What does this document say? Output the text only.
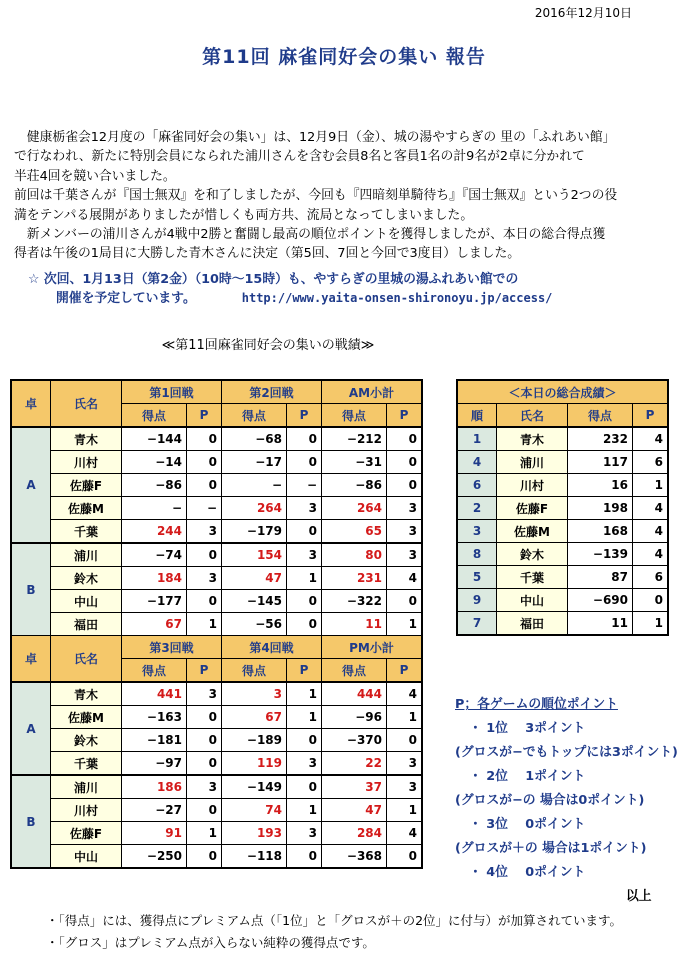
2016年12月10日
第11回 麻雀同好会の集い 報告

　健康栃雀会12月度の「麻雀同好会の集い」は、12月9日（金）、城の湯やすらぎの 里の「ふれあい館」

で行なわれ、新たに特別会員になられた浦川さんを含む会員8名と客員1名の計9名が2卓に分かれて

半荘4回を競い合いました。

前回は千葉さんが『国士無双』を和了しましたが、今回も『四暗刻単騎待ち』『国士無双』という2つの役

満をテンパる展開がありましたが惜しくも両方共、流局となってしまいました。

　新メンバーの浦川さんが4戦中2勝と奮闘し最高の順位ポイントを獲得しましたが、本日の総合得点獲

得者は午後の1局目に大勝した青木さんに決定（第5回、7回と今回で3度目）しました。

☆ 次回、1月13日（第2金）（10時〜15時）も、やすらぎの里城の湯ふれあい館での
開催を予定しています。	http://www.yaita-onsen-shironoyu.jp/access/
≪第11回麻雀同好会の集いの戦績≫
卓	氏名	第1回戦		第2回戦		AM小計	
		得点	P	得点	P	得点	P
A	青木	−144	0	−68	0	−212	0
	川村	−14	0	−17	0	−31	0
	佐藤F	−86	0	−	−	−86	0
	佐藤M	−	−	264	3	264	3
	千葉	244	3	−179	0	65	3
B	浦川	−74	0	154	3	80	3
	鈴木	184	3	47	1	231	4
	中山	−177	0	−145	0	−322	0
	福田	67	1	−56	0	11	1
卓	氏名	第3回戦		第4回戦		PM小計	
		得点	P	得点	P	得点	P
A	青木	441	3	3	1	444	4
	佐藤M	−163	0	67	1	−96	1
	鈴木	−181	0	−189	0	−370	0
	千葉	−97	0	119	3	22	3
B	浦川	186	3	−149	0	37	3
	川村	−27	0	74	1	47	1
	佐藤F	91	1	193	3	284	4
	中山	−250	0	−118	0	−368	0
＜本日の総合成績＞			
順	氏名	得点	P
1	青木	232	4
4	浦川	117	6
6	川村	16	1
2	佐藤F	198	4
3	佐藤M	168	4
8	鈴木	−139	4
5	千葉	87	6
9	中山	−690	0
7	福田	11	1
P；各ゲームの順位ポイント
・ 1位　 3ポイント
(グロスが−でもトップには3ポイント)
・ 2位　 1ポイント
(グロスが−の 場合は0ポイント)
・ 3位　 0ポイント
(グロスが＋の 場合は1ポイント)
・ 4位　 0ポイント
以上
・「得点」には、獲得点にプレミアム点（「1位」と「グロスが＋の2位」に付与）が加算されています。
・「グロス」はプレミアム点が入らない純粋の獲得点です。
